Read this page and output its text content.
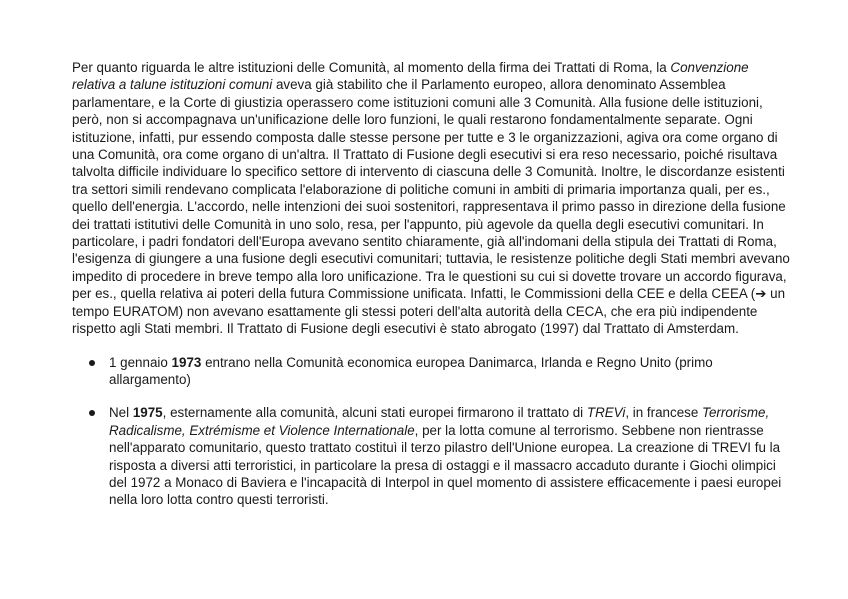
Per quanto riguarda le altre istituzioni delle Comunità, al momento della firma dei Trattati di Roma, la Convenzione relativa a talune istituzioni comuni aveva già stabilito che il Parlamento europeo, allora denominato Assemblea parlamentare, e la Corte di giustizia operassero come istituzioni comuni alle 3 Comunità. Alla fusione delle istituzioni, però, non si accompagnava un'unificazione delle loro funzioni, le quali restarono fondamentalmente separate. Ogni istituzione, infatti, pur essendo composta dalle stesse persone per tutte e 3 le organizzazioni, agiva ora come organo di una Comunità, ora come organo di un'altra. Il Trattato di Fusione degli esecutivi si era reso necessario, poiché risultava talvolta difficile individuare lo specifico settore di intervento di ciascuna delle 3 Comunità. Inoltre, le discordanze esistenti tra settori simili rendevano complicata l'elaborazione di politiche comuni in ambiti di primaria importanza quali, per es., quello dell'energia. L'accordo, nelle intenzioni dei suoi sostenitori, rappresentava il primo passo in direzione della fusione dei trattati istitutivi delle Comunità in uno solo, resa, per l'appunto, più agevole da quella degli esecutivi comunitari. In particolare, i padri fondatori dell'Europa avevano sentito chiaramente, già all'indomani della stipula dei Trattati di Roma, l'esigenza di giungere a una fusione degli esecutivi comunitari; tuttavia, le resistenze politiche degli Stati membri avevano impedito di procedere in breve tempo alla loro unificazione. Tra le questioni su cui si dovette trovare un accordo figurava, per es., quella relativa ai poteri della futura Commissione unificata. Infatti, le Commissioni della CEE e della CEEA (➔ un tempo EURATOM) non avevano esattamente gli stessi poteri dell'alta autorità della CECA, che era più indipendente rispetto agli Stati membri. Il Trattato di Fusione degli esecutivi è stato abrogato (1997) dal Trattato di Amsterdam.

1 gennaio 1973 entrano nella Comunità economica europea Danimarca, Irlanda e Regno Unito (primo allargamento)
Nel 1975, esternamente alla comunità, alcuni stati europei firmarono il trattato di TREVi, in francese Terrorisme, Radicalisme, Extrémisme et Violence Internationale, per la lotta comune al terrorismo. Sebbene non rientrasse nell'apparato comunitario, questo trattato costituì il terzo pilastro dell'Unione europea. La creazione di TREVI fu la risposta a diversi atti terroristici, in particolare la presa di ostaggi e il massacro accaduto durante i Giochi olimpici del 1972 a Monaco di Baviera e l'incapacità di Interpol in quel momento di assistere efficacemente i paesi europei nella loro lotta contro questi terroristi.
